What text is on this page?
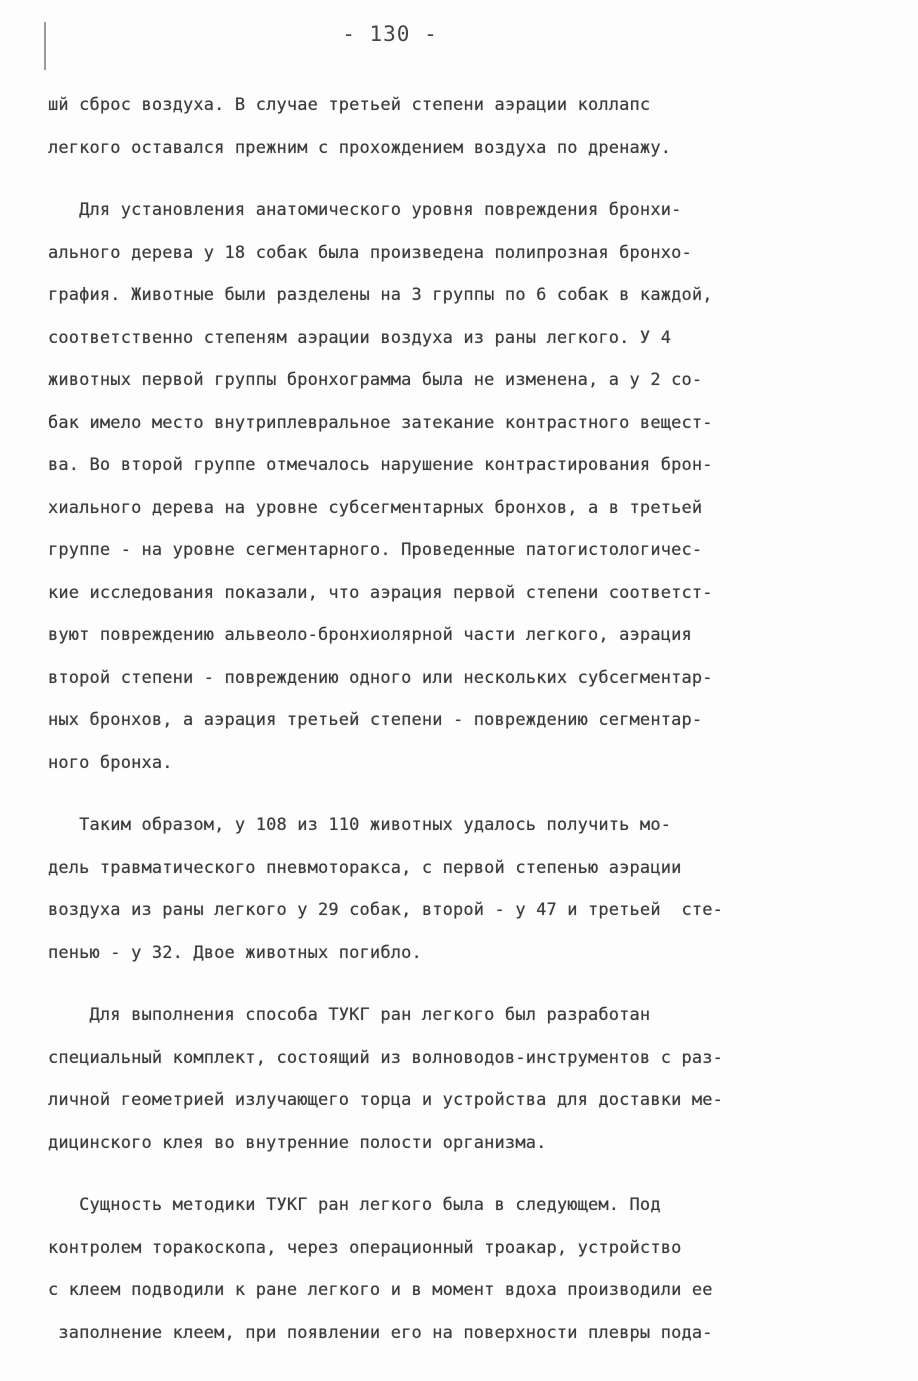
- 130 -
шй сброс воздуха. В случае третьей степени аэрации коллапс
легкого оставался прежним с прохождением воздуха по дренажу.
Для установления анатомического уровня повреждения бронхи-
ального дерева у 18 собак была произведена полипрозная бронхо-
графия. Животные были разделены на 3 группы по 6 собак в каждой,
соответственно степеням аэрации воздуха из раны легкого. У 4
животных первой группы бронхограмма была не изменена, а у 2 со-
бак имело место внутриплевральное затекание контрастного вещест-
ва. Во второй группе отмечалось нарушение контрастирования брон-
хиального дерева на уровне субсегментарных бронхов, а в третьей
группе - на уровне сегментарного. Проведенные патогистологичес-
кие исследования показали, что аэрация первой степени соответст-
вуют повреждению альвеоло-бронхиолярной части легкого, аэрация
второй степени - повреждению одного или нескольких субсегментар-
ных бронхов, а аэрация третьей степени - повреждению сегментар-
ного бронха.
Таким образом, у 108 из 110 животных удалось получить мо-
дель травматического пневмоторакса, с первой степенью аэрации
воздуха из раны легкого у 29 собак, второй - у 47 и третьей  сте-
пенью - у 32. Двое животных погибло.
Для выполнения способа ТУКГ ран легкого был разработан
специальный комплект, состоящий из волноводов-инструментов с раз-
личной геометрией излучающего торца и устройства для доставки ме-
дицинского клея во внутренние полости организма.
Сущность методики ТУКГ ран легкого была в следующем. Под
контролем торакоскопа, через операционный троакар, устройство
с клеем подводили к ране легкого и в момент вдоха производили ее
заполнение клеем, при появлении его на поверхности плевры пода-
